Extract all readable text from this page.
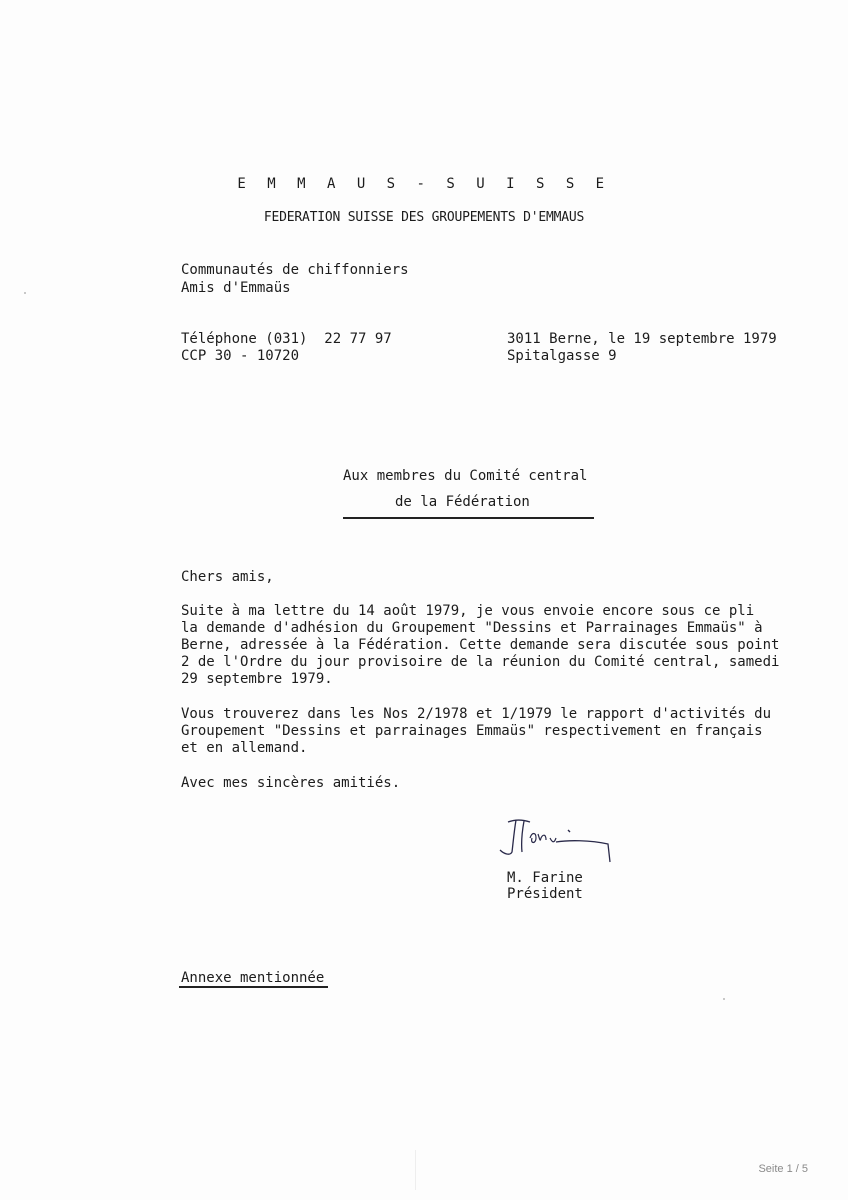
E M M A U S - S U I S S E
FEDERATION SUISSE DES GROUPEMENTS D'EMMAUS
Communautés de chiffonniers
Amis d'Emmaüs
Téléphone (031)  22 77 97
CCP 30 - 10720
3011 Berne, le 19 septembre 1979
Spitalgasse 9
Aux membres du Comité central
de la Fédération
Chers amis,
Suite à ma lettre du 14 août 1979, je vous envoie encore sous ce pli
la demande d'adhésion du Groupement "Dessins et Parrainages Emmaüs" à
Berne, adressée à la Fédération. Cette demande sera discutée sous point
2 de l'Ordre du jour provisoire de la réunion du Comité central, samedi
29 septembre 1979.
Vous trouverez dans les Nos 2/1978 et 1/1979 le rapport d'activités du
Groupement "Dessins et parrainages Emmaüs" respectivement en français
et en allemand.
Avec mes sincères amitiés.
M. Farine
Président
Annexe mentionnée
Seite 1 / 5
